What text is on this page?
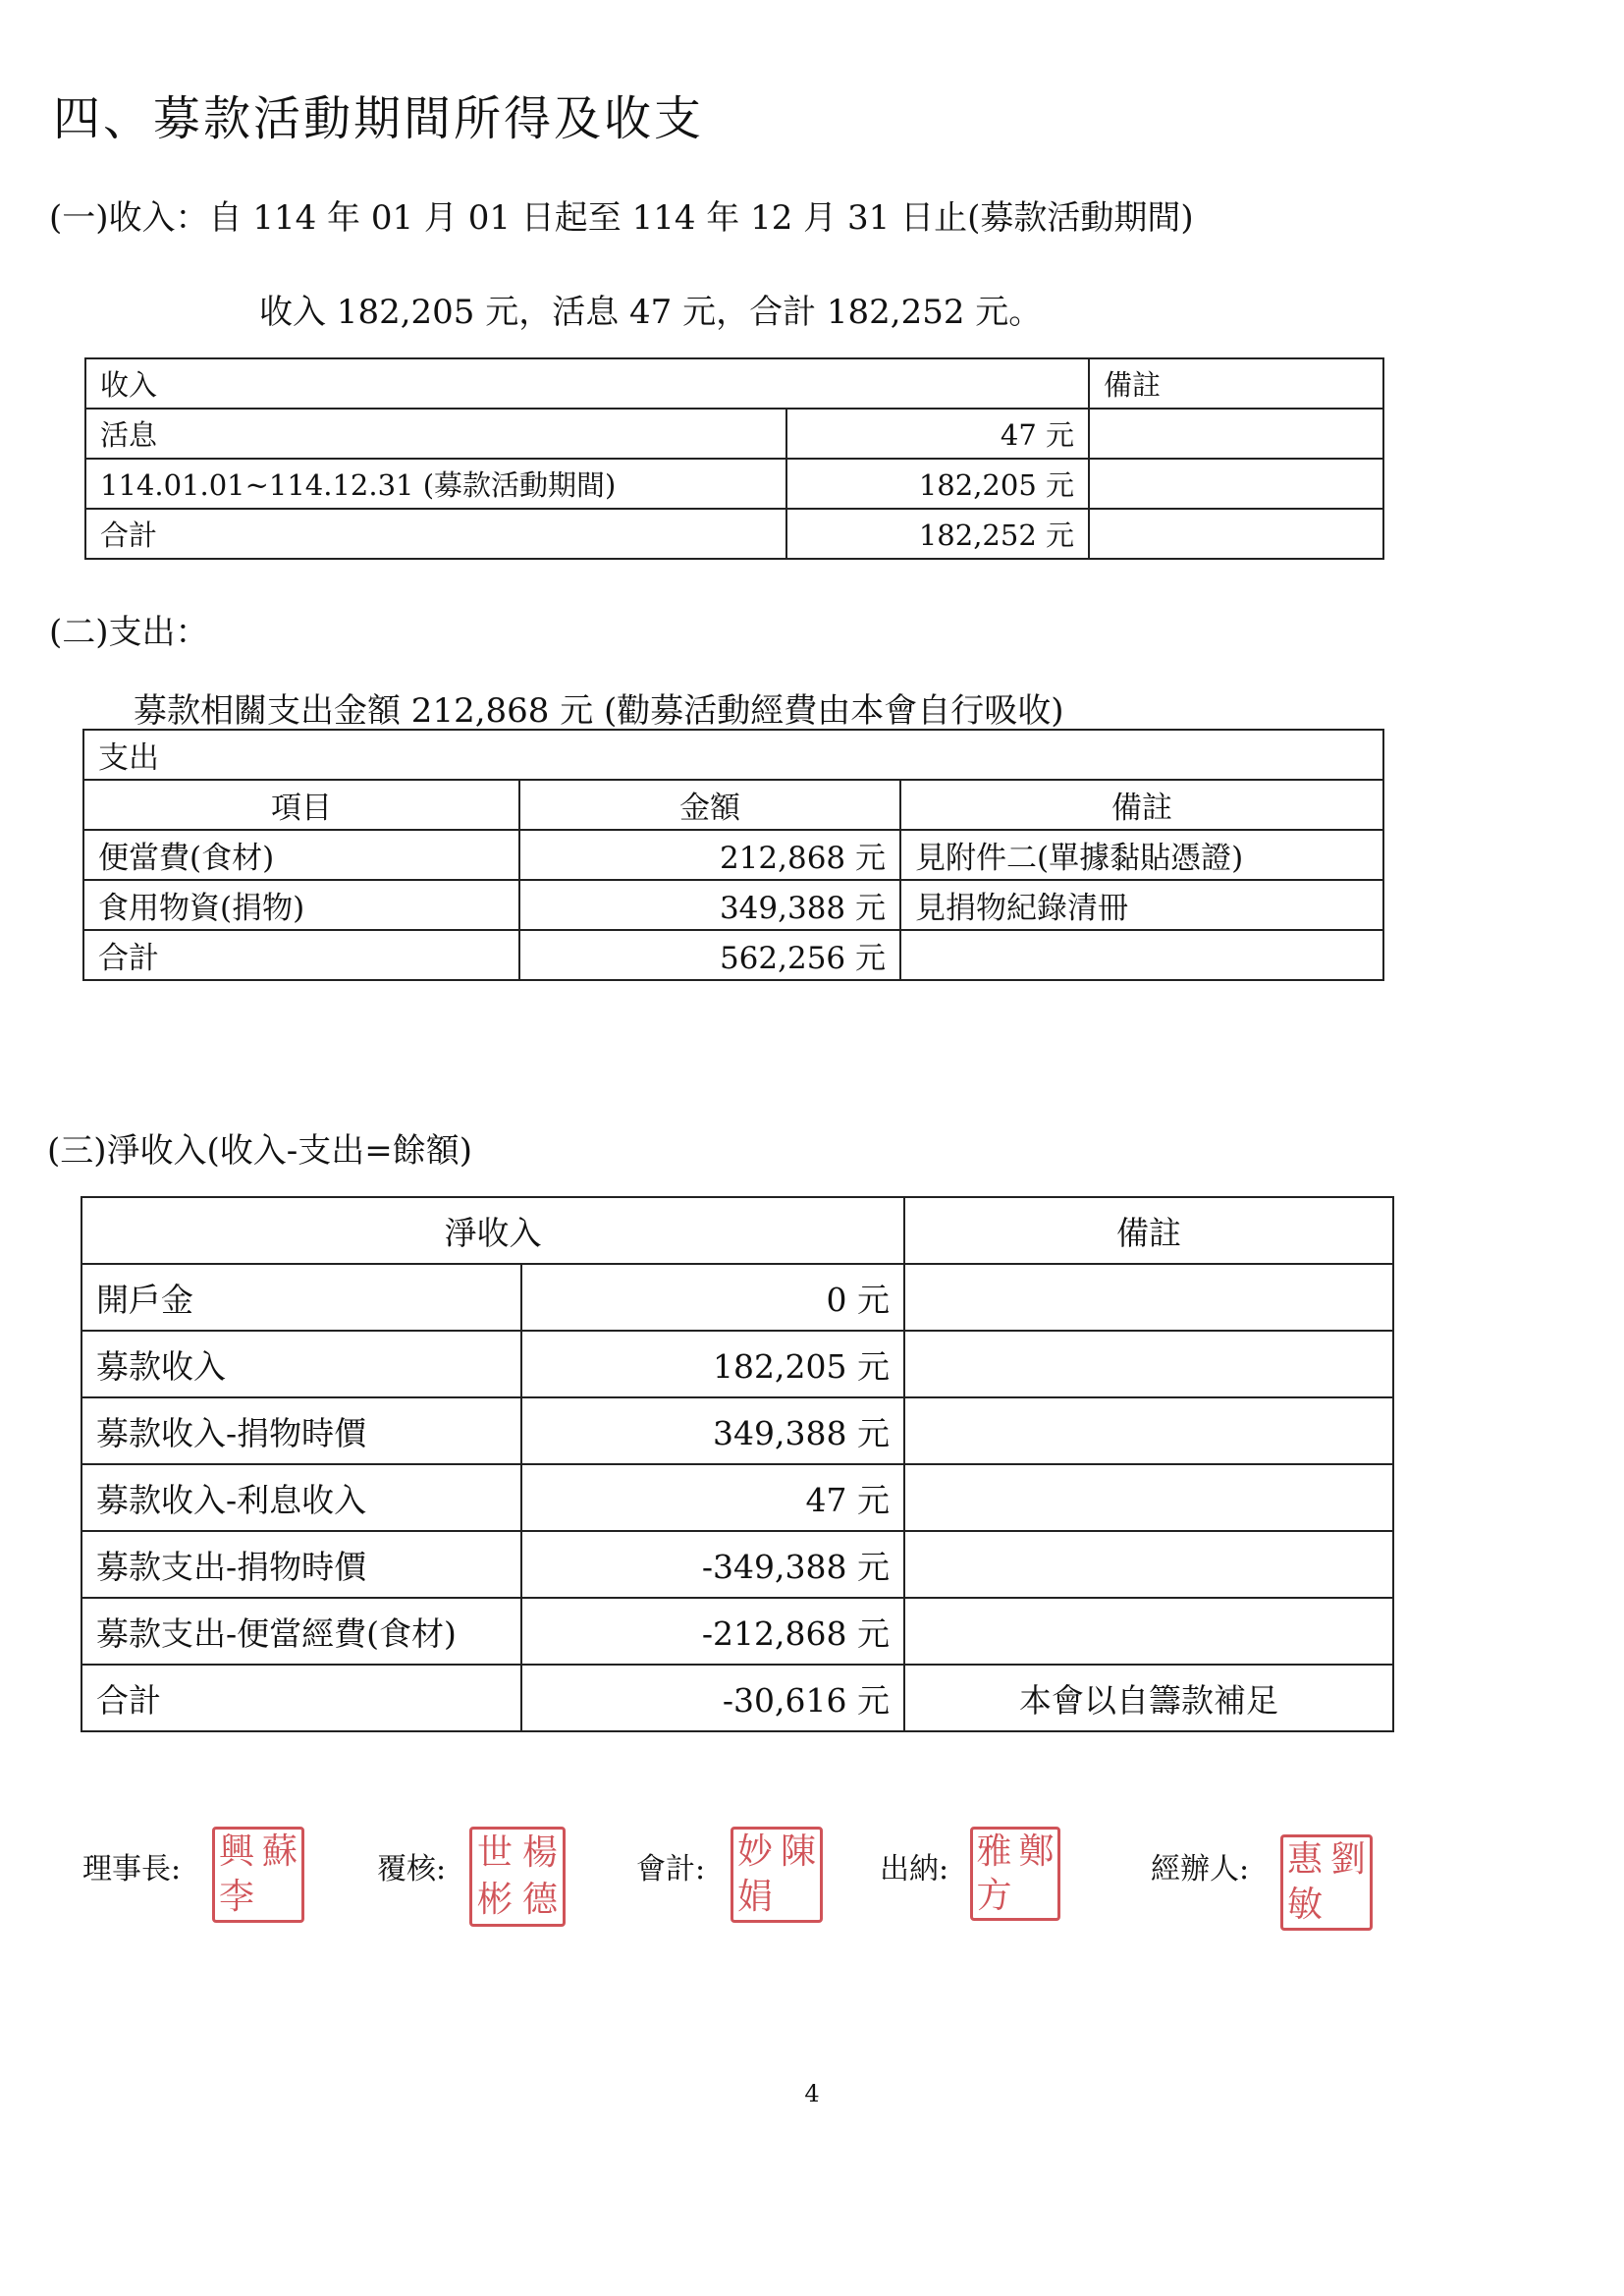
四、募款活動期間所得及收支

(一)收入：自 114 年 01 月 01 日起至 114 年 12 月 31 日止(募款活動期間)

收入 182,205 元，活息 47 元，合計 182,252 元。

收入		備註
活息	47 元	
114.01.01~114.12.31 (募款活動期間)	182,205 元	
合計	182,252 元	

(二)支出：

募款相關支出金額 212,868 元 (勸募活動經費由本會自行吸收)

支出		
項目	金額	備註
便當費(食材)	212,868 元	見附件二(單據黏貼憑證)
食用物資(捐物)	349,388 元	見捐物紀錄清冊
合計	562,256 元	

(三)淨收入(收入-支出=餘額)

淨收入		備註
開戶金	0 元	
募款收入	182,205 元	
募款收入-捐物時價	349,388 元	
募款收入-利息收入	47 元	
募款支出-捐物時價	-349,388 元	
募款支出-便當經費(食材)	-212,868 元	
合計	-30,616 元	本會以自籌款補足
理事長: 興 蘇
李
覆核: 世 楊
彬 德
會計: 妙 陳
娟
出納: 雅 鄭
方
經辦人: 惠 劉
敏
4
